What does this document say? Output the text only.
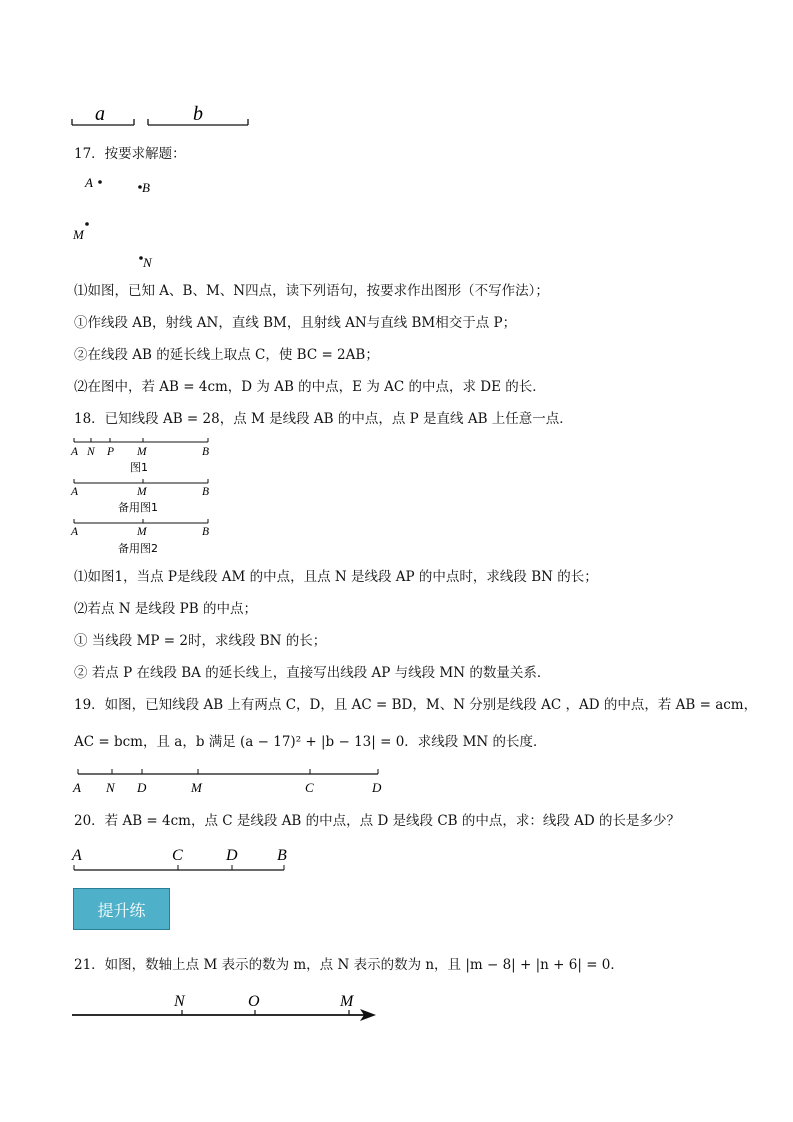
a	b
17．按要求解题：
A	B
M
N
⑴如图，已知 A、B、M、N四点，读下列语句，按要求作出图形（不写作法）；
①作线段 AB，射线 AN，直线 BM，且射线 AN与直线 BM相交于点 P；
②在线段 AB 的延长线上取点 C，使 BC = 2AB；
⑵在图中，若 AB = 4cm，D 为 AB 的中点，E 为 AC 的中点，求 DE 的长．
18．已知线段 AB = 28，点 M 是线段 AB 的中点，点 P 是直线 AB 上任意一点．
A N P M	B
图1
A	M	B
备用图1
A	M	B
备用图2
⑴如图1，当点 P是线段 AM 的中点，且点 N 是线段 AP 的中点时，求线段 BN 的长；
⑵若点 N 是线段 PB 的中点；
① 当线段 MP = 2时，求线段 BN 的长；
② 若点 P 在线段 BA 的延长线上，直接写出线段 AP 与线段 MN 的数量关系．
19．如图，已知线段 AB 上有两点 C，D，且 AC = BD，M、N 分别是线段 AC ，AD 的中点，若 AB = acm，
AC = bcm，且 a，b 满足 (a − 17)² + |b − 13| = 0．求线段 MN 的长度．
A N D	M	C	D
20．若 AB = 4cm，点 C 是线段 AB 的中点，点 D 是线段 CB 的中点，求：线段 AD 的长是多少？
A	C	D B
提升练
21．如图，数轴上点 M 表示的数为 m，点 N 表示的数为 n，且 |m − 8| + |n + 6| = 0．
N	O	M
